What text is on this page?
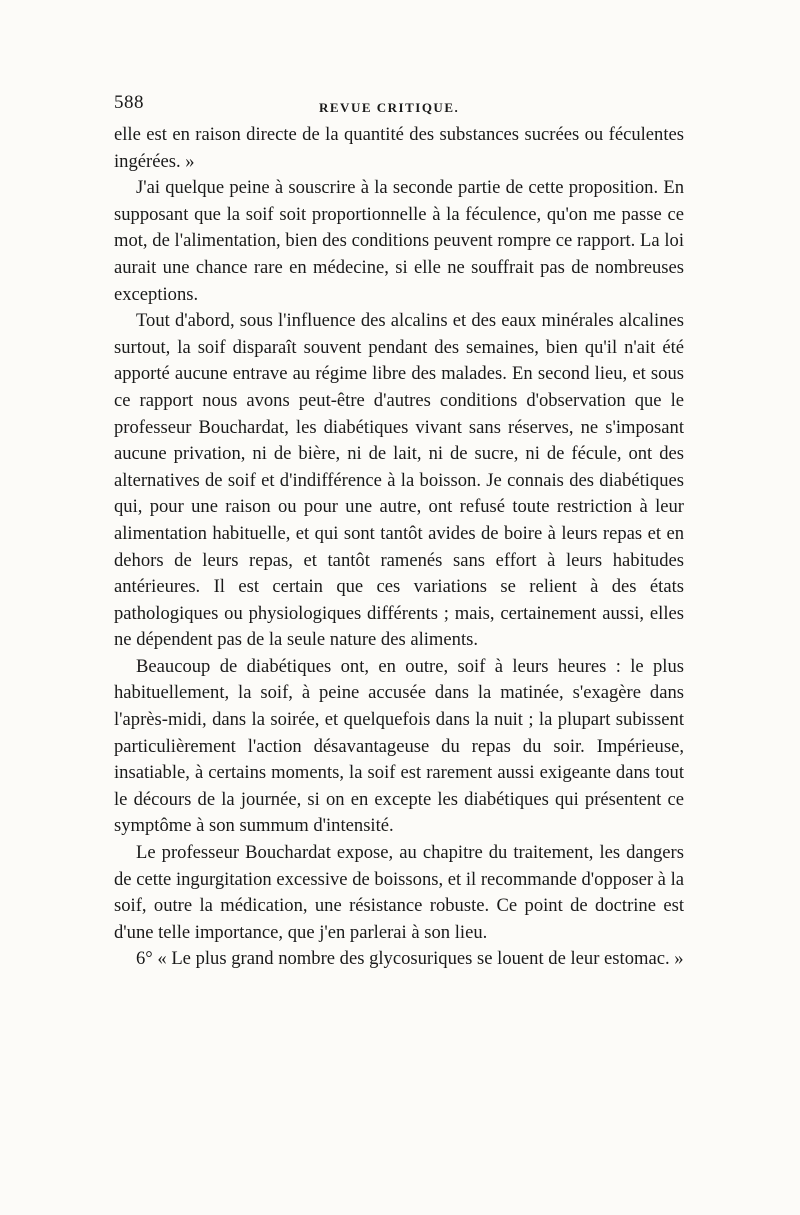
588	REVUE CRITIQUE.

elle est en raison directe de la quantité des substances sucrées ou féculentes ingérées. »

J'ai quelque peine à souscrire à la seconde partie de cette proposition. En supposant que la soif soit proportionnelle à la féculence, qu'on me passe ce mot, de l'alimentation, bien des conditions peuvent rompre ce rapport. La loi aurait une chance rare en médecine, si elle ne souffrait pas de nombreuses exceptions.

Tout d'abord, sous l'influence des alcalins et des eaux minérales alcalines surtout, la soif disparaît souvent pendant des semaines, bien qu'il n'ait été apporté aucune entrave au régime libre des malades. En second lieu, et sous ce rapport nous avons peut-être d'autres conditions d'observation que le professeur Bouchardat, les diabétiques vivant sans réserves, ne s'imposant aucune privation, ni de bière, ni de lait, ni de sucre, ni de fécule, ont des alternatives de soif et d'indifférence à la boisson. Je connais des diabétiques qui, pour une raison ou pour une autre, ont refusé toute restriction à leur alimentation habituelle, et qui sont tantôt avides de boire à leurs repas et en dehors de leurs repas, et tantôt ramenés sans effort à leurs habitudes antérieures. Il est certain que ces variations se relient à des états pathologiques ou physiologiques différents ; mais, certainement aussi, elles ne dépendent pas de la seule nature des aliments.

Beaucoup de diabétiques ont, en outre, soif à leurs heures : le plus habituellement, la soif, à peine accusée dans la matinée, s'exagère dans l'après-midi, dans la soirée, et quelquefois dans la nuit ; la plupart subissent particulièrement l'action désavantageuse du repas du soir. Impérieuse, insatiable, à certains moments, la soif est rarement aussi exigeante dans tout le décours de la journée, si on en excepte les diabétiques qui présentent ce symptôme à son summum d'intensité.

Le professeur Bouchardat expose, au chapitre du traitement, les dangers de cette ingurgitation excessive de boissons, et il recommande d'opposer à la soif, outre la médication, une résistance robuste. Ce point de doctrine est d'une telle importance, que j'en parlerai à son lieu.

6° « Le plus grand nombre des glycosuriques se louent de leur estomac. »
